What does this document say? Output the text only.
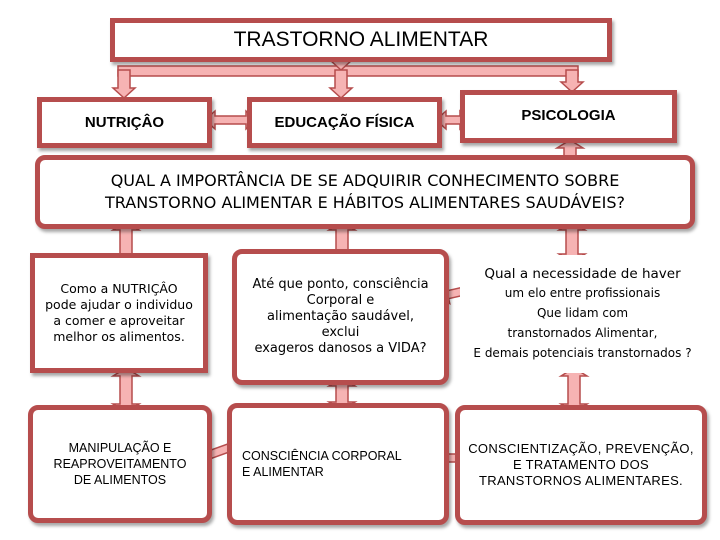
TRASTORNO ALIMENTAR
NUTRIÇÂO	EDUCAÇÃO FÍSICA	PSICOLOGIA
QUAL A IMPORTÂNCIA DE SE ADQUIRIR CONHECIMENTO SOBRE
TRANSTORNO ALIMENTAR E HÁBITOS ALIMENTARES SAUDÁVEIS?
Como a NUTRIÇÂO
pode ajudar o individuo
a comer e aproveitar
melhor os alimentos.
Até que ponto, consciência
Corporal e
alimentação saudável,
exclui
exageros danosos a VIDA?
Qual a necessidade de haver
um elo entre profissionais
Que lidam com
transtornados Alimentar,
E demais potenciais transtornados ?
MANIPULAÇÃO E
REAPROVEITAMENTO
DE ALIMENTOS
CONSCIÊNCIA CORPORAL
E ALIMENTAR
CONSCIENTIZAÇÃO, PREVENÇÃO,
E TRATAMENTO DOS
TRANSTORNOS ALIMENTARES.
